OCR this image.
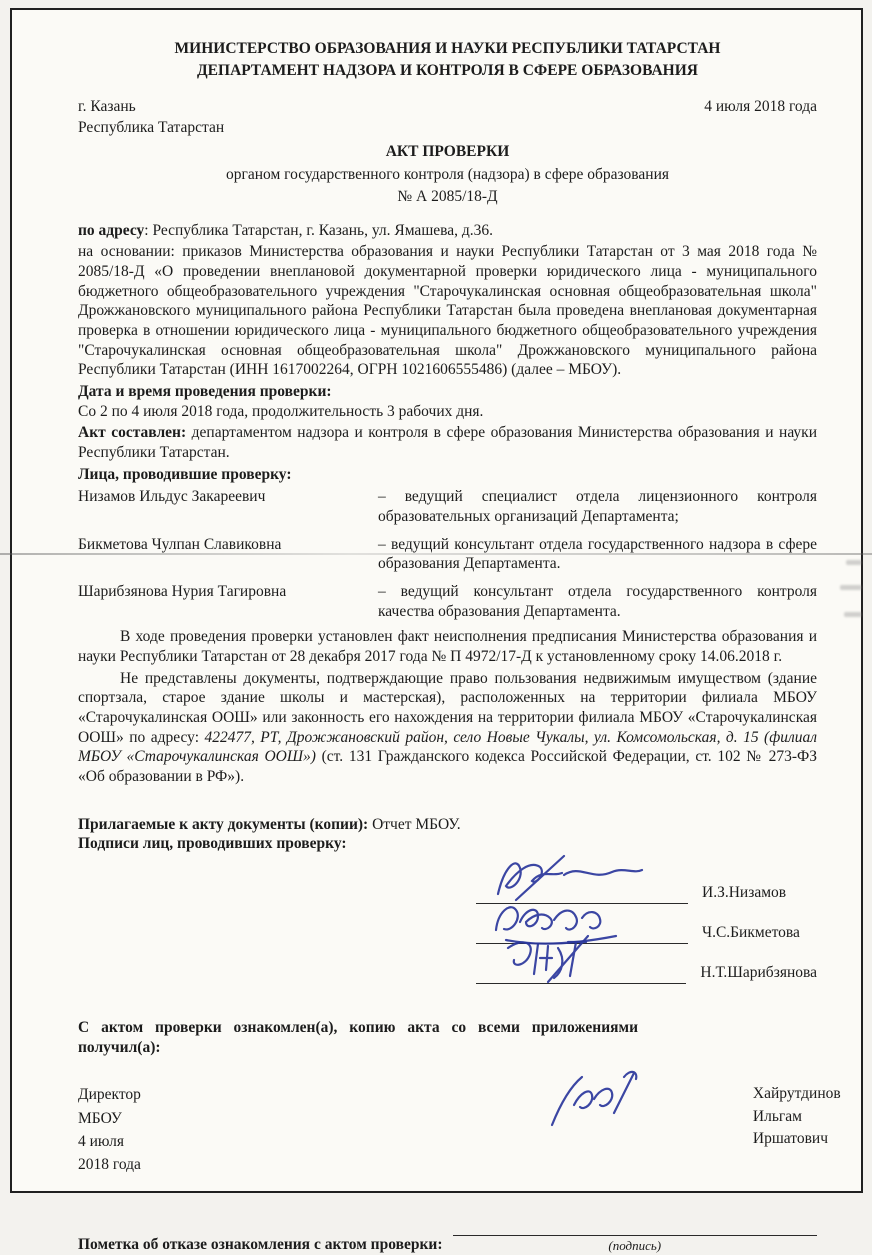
МИНИСТЕРСТВО ОБРАЗОВАНИЯ И НАУКИ РЕСПУБЛИКИ ТАТАРСТАН
ДЕПАРТАМЕНТ НАДЗОРА И КОНТРОЛЯ В СФЕРЕ ОБРАЗОВАНИЯ
г. Казань
Республика Татарстан
4 июля 2018 года
АКТ ПРОВЕРКИ
органом государственного контроля (надзора) в сфере образования
№ А 2085/18-Д
по адресу: Республика Татарстан, г. Казань, ул. Ямашева, д.36.
на основании: приказов Министерства образования и науки Республики Татарстан от 3 мая 2018 года № 2085/18-Д «О проведении внеплановой документарной проверки юридического лица - муниципального бюджетного общеобразовательного учреждения "Старочукалинская основная общеобразовательная школа" Дрожжановского муниципального района Республики Татарстан была проведена внеплановая документарная проверка в отношении юридического лица - муниципального бюджетного общеобразовательного учреждения "Старочукалинская основная общеобразовательная школа" Дрожжановского муниципального района Республики Татарстан (ИНН 1617002264, ОГРН 1021606555486) (далее – МБОУ).
Дата и время проведения проверки:
Со 2 по 4 июля 2018 года, продолжительность 3 рабочих дня.
Акт составлен: департаментом надзора и контроля в сфере образования Министерства образования и науки Республики Татарстан.
Лица, проводившие проверку:
Низамов Ильдус Закареевич	– ведущий специалист отдела лицензионного контроля образовательных организаций Департамента;
Бикметова Чулпан Славиковна	– ведущий консультант отдела государственного надзора в сфере образования Департамента.
Шарибзянова Нурия Тагировна	– ведущий консультант отдела государственного контроля качества образования Департамента.
В ходе проведения проверки установлен факт неисполнения предписания Министерства образования и науки Республики Татарстан от 28 декабря 2017 года № П 4972/17-Д к установленному сроку 14.06.2018 г.
Не представлены документы, подтверждающие право пользования недвижимым имуществом (здание спортзала, старое здание школы и мастерская), расположенных на территории филиала МБОУ «Старочукалинская ООШ» или законность его нахождения на территории филиала МБОУ «Старочукалинская ООШ» по адресу: 422477, РТ, Дрожжановский район, село Новые Чукалы, ул. Комсомольская, д. 15 (филиал МБОУ «Старочукалинская ООШ») (ст. 131 Гражданского кодекса Российской Федерации, ст. 102 № 273-ФЗ «Об образовании в РФ»).
Прилагаемые к акту документы (копии): Отчет МБОУ.
Подписи лиц, проводивших проверку:
И.З.Низамов
Ч.С.Бикметова
Н.Т.Шарибзянова
С актом проверки ознакомлен(а), копию акта со всеми приложениями получил(а):
Директор МБОУ
4 июля 2018 года
Хайрутдинов Ильгам
Иршатович
Пометка об отказе ознакомления с актом проверки:	(подпись)
